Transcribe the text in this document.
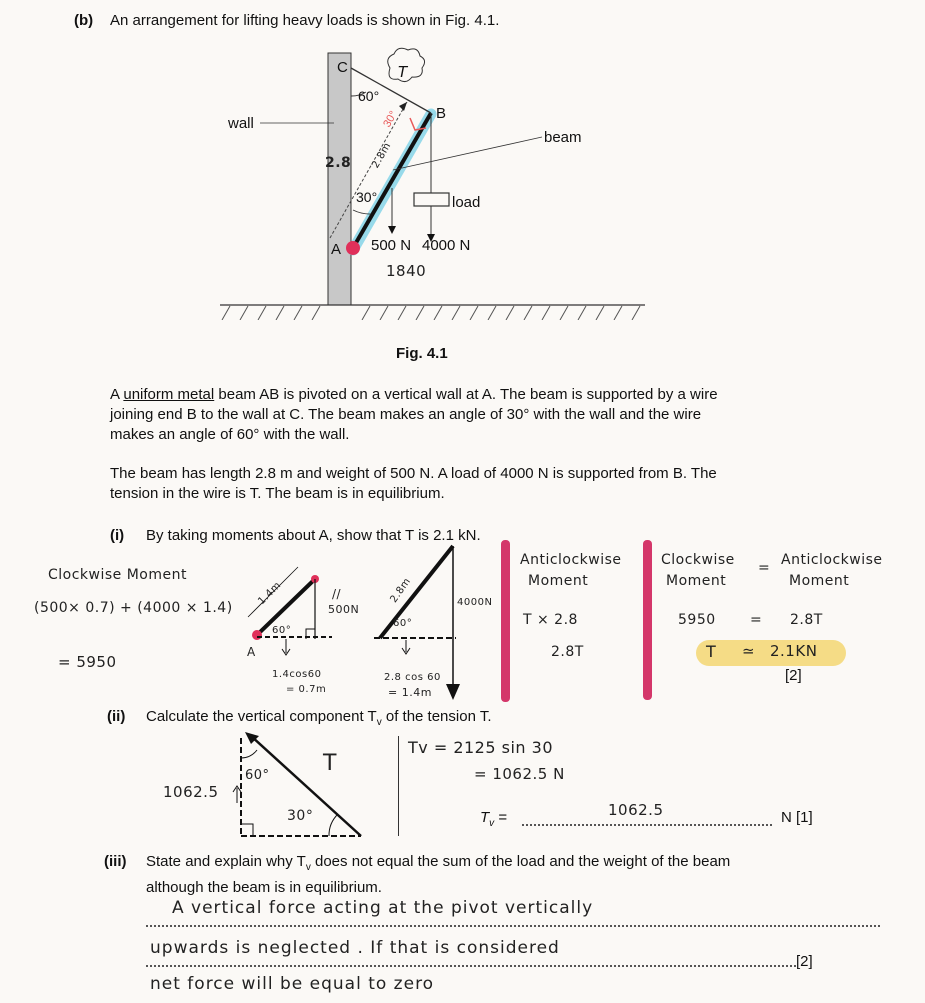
(b) An arrangement for lifting heavy loads is shown in Fig. 4.1.
30°
C	T
B
A
wall
beam
load
60°
30°
500 N 4000 N
2.8 2.8m
1840
Fig. 4.1
A uniform metal beam AB is pivoted on a vertical wall at A. The beam is supported by a wire
joining end B to the wall at C. The beam makes an angle of 30° with the wall and the wire
makes an angle of 60° with the wall.
The beam has length 2.8 m and weight of 500 N. A load of 4000 N is supported from B. The
tension in the wire is T. The beam is in equilibrium.
(i) By taking moments about A, show that T is 2.1 kN.
Clockwise Moment
(500× 0.7) + (4000 × 1.4)
= 5950
1.4m
60°
500N
//
A
1.4cos60
= 0.7m
2.8m
60°
4000N
2.8 cos 60
= 1.4m
Anticlockwise
Moment
T × 2.8
2.8T
Clockwise
Moment
= Anticlockwise
Moment
5950 = 2.8T
T ≃ 2.1KN
[2]
(ii) Calculate the vertical component $T_v$ of the tension T.
1062.5
60°
30°
T
Tv = 2125 sin 30
= 1062.5 N
$T_v$ =	1062.5	N [1]
(iii) State and explain why $T_v$ does not equal the sum of the load and the weight of the beam
although the beam is in equilibrium.
A vertical force acting at the pivot vertically
upwards is neglected . If that is considered
net force will be equal to zero
[2]
